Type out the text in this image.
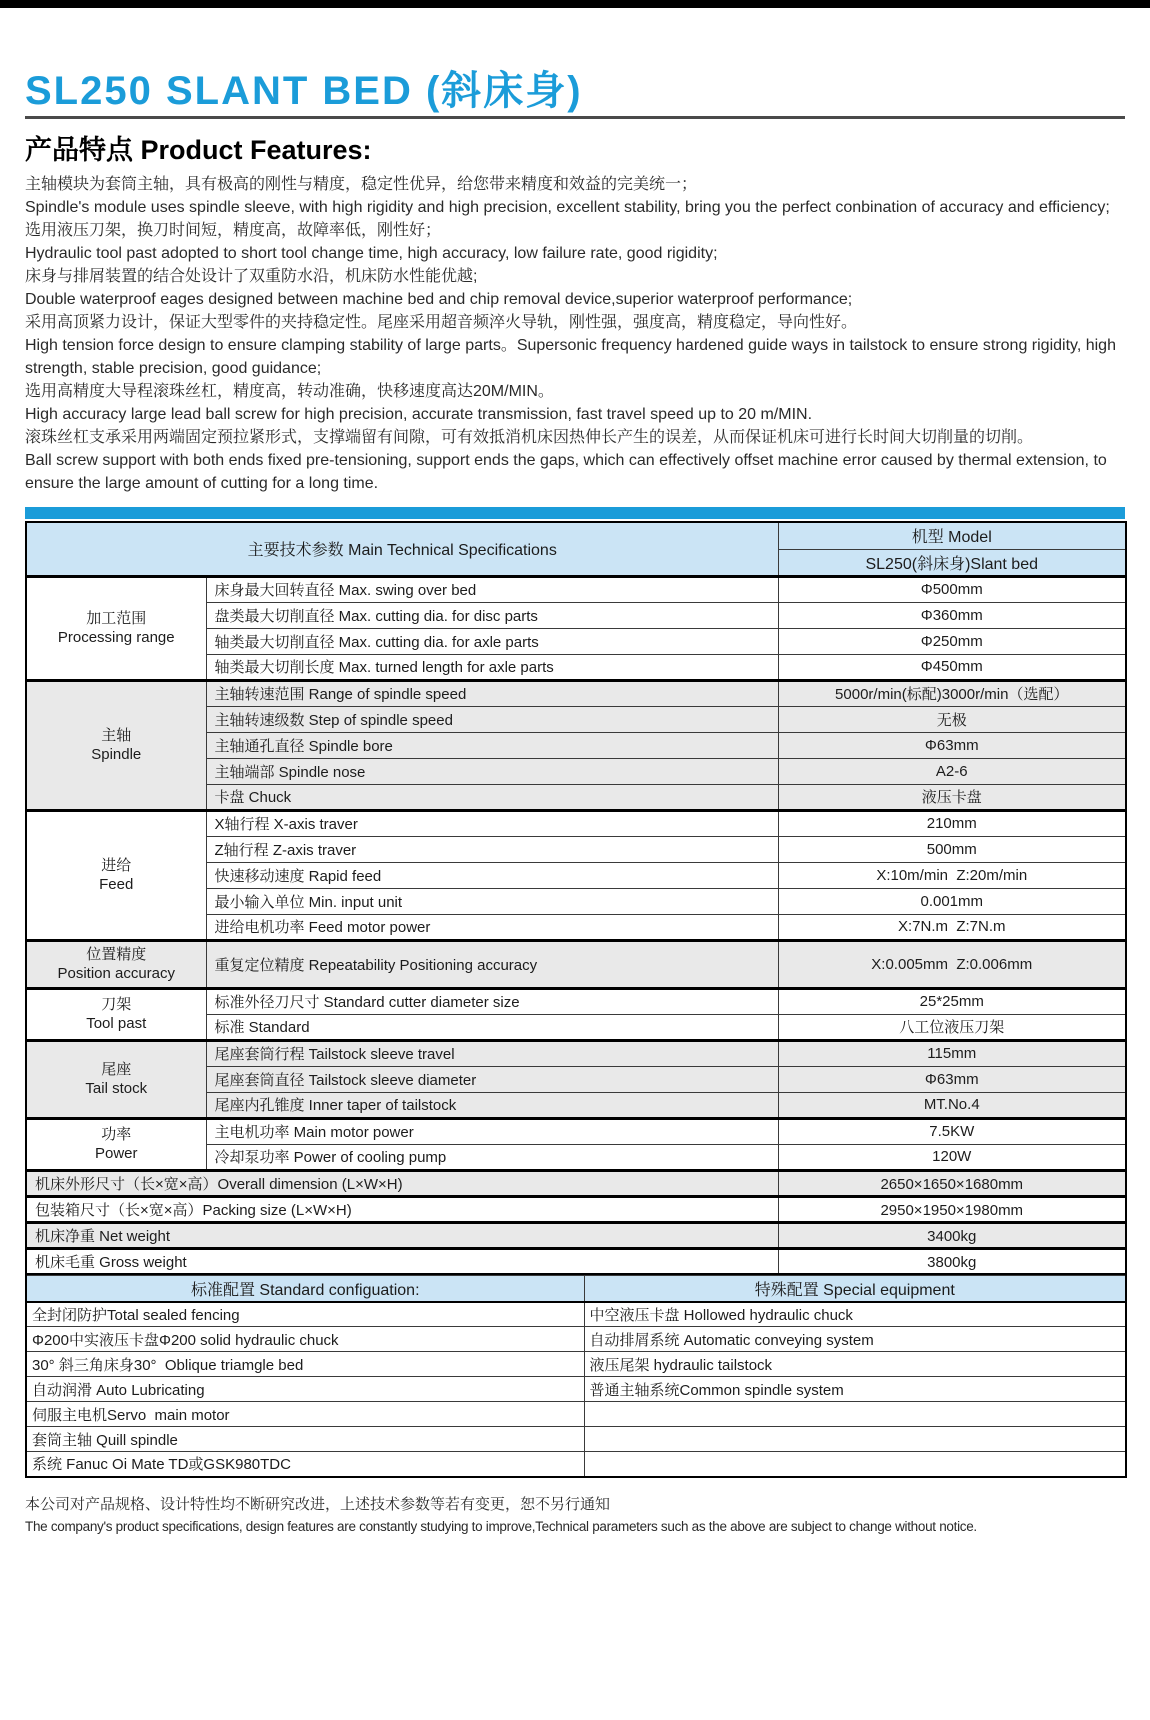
SL250 SLANT BED (斜床身)
产品特点 Product Features:

主轴模块为套筒主轴，具有极高的刚性与精度，稳定性优异，给您带来精度和效益的完美统一；

Spindle's module uses spindle sleeve, with high rigidity and high precision, excellent stability, bring you the perfect conbination of accuracy and efficiency;

选用液压刀架，换刀时间短，精度高，故障率低，刚性好；

Hydraulic tool past adopted to short tool change time, high accuracy, low failure rate, good rigidity;

床身与排屑装置的结合处设计了双重防水沿，机床防水性能优越;

Double waterproof eages designed between machine bed and chip removal device,superior waterproof performance;

采用高顶紧力设计，保证大型零件的夹持稳定性。尾座采用超音频淬火导轨，刚性强，强度高，精度稳定，导向性好。

High tension force design to ensure clamping stability of large parts。Supersonic frequency hardened guide ways in tailstock to ensure strong rigidity, high strength, stable precision, good guidance;

选用高精度大导程滚珠丝杠，精度高，转动准确，快移速度高达20M/MIN。

High accuracy large lead ball screw for high precision, accurate transmission, fast travel speed up to 20 m/MIN.

滚珠丝杠支承采用两端固定预拉紧形式，支撑端留有间隙，可有效抵消机床因热伸长产生的误差，从而保证机床可进行长时间大切削量的切削。

Ball screw support with both ends fixed pre-tensioning, support ends the gaps, which can effectively offset machine error caused by thermal extension, to ensure the large amount of cutting for a long time.

主要技术参数 Main Technical Specifications		机型 Model
		SL250(斜床身)Slant bed

加工范围
Processing range	床身最大回转直径 Max. swing over bed	Φ500mm
	盘类最大切削直径 Max. cutting dia. for disc parts	Φ360mm
	轴类最大切削直径 Max. cutting dia. for axle parts	Φ250mm
	轴类最大切削长度 Max. turned length for axle parts	Φ450mm

主轴
Spindle	主轴转速范围 Range of spindle speed	5000r/min(标配)3000r/min（选配）
	主轴转速级数 Step of spindle speed	无极
	主轴通孔直径 Spindle bore	Φ63mm
	主轴端部 Spindle nose	A2-6
	卡盘 Chuck	液压卡盘

进给
Feed	X轴行程 X-axis traver	210mm
	Z轴行程 Z-axis traver	500mm
	快速移动速度 Rapid feed	X:10m/min  Z:20m/min
	最小输入单位 Min. input unit	0.001mm
	进给电机功率 Feed motor power	X:7N.m  Z:7N.m

位置精度
Position accuracy	重复定位精度 Repeatability Positioning accuracy	X:0.005mm  Z:0.006mm

刀架
Tool past	标准外径刀尺寸 Standard cutter diameter size	25*25mm
	标准 Standard	八工位液压刀架

尾座
Tail stock	尾座套筒行程 Tailstock sleeve travel	115mm
	尾座套筒直径 Tailstock sleeve diameter	Φ63mm
	尾座内孔锥度 Inner taper of tailstock	MT.No.4

功率
Power	主电机功率 Main motor power	7.5KW
	冷却泵功率 Power of cooling pump	120W
机床外形尺寸（长×宽×高）Overall dimension (L×W×H)		2650×1650×1680mm
包装箱尺寸（长×宽×高）Packing size (L×W×H)		2950×1950×1980mm
机床净重 Net weight		3400kg
机床毛重 Gross weight		3800kg
标准配置 Standard configuation:	特殊配置 Special equipment
全封闭防护Total sealed fencing	中空液压卡盘 Hollowed hydraulic chuck
Φ200中实液压卡盘Φ200 solid hydraulic chuck	自动排屑系统 Automatic conveying system
30° 斜三角床身30°  Oblique triamgle bed	液压尾架 hydraulic tailstock
自动润滑 Auto Lubricating	普通主轴系统Common spindle system
伺服主电机Servo  main motor	
套筒主轴 Quill spindle	
系统 Fanuc Oi Mate TD或GSK980TDC	
本公司对产品规格、设计特性均不断研究改进，上述技术参数等若有变更，恕不另行通知
The company's product specifications, design features are constantly studying to improve,Technical parameters such as the above are subject to change without notice.
